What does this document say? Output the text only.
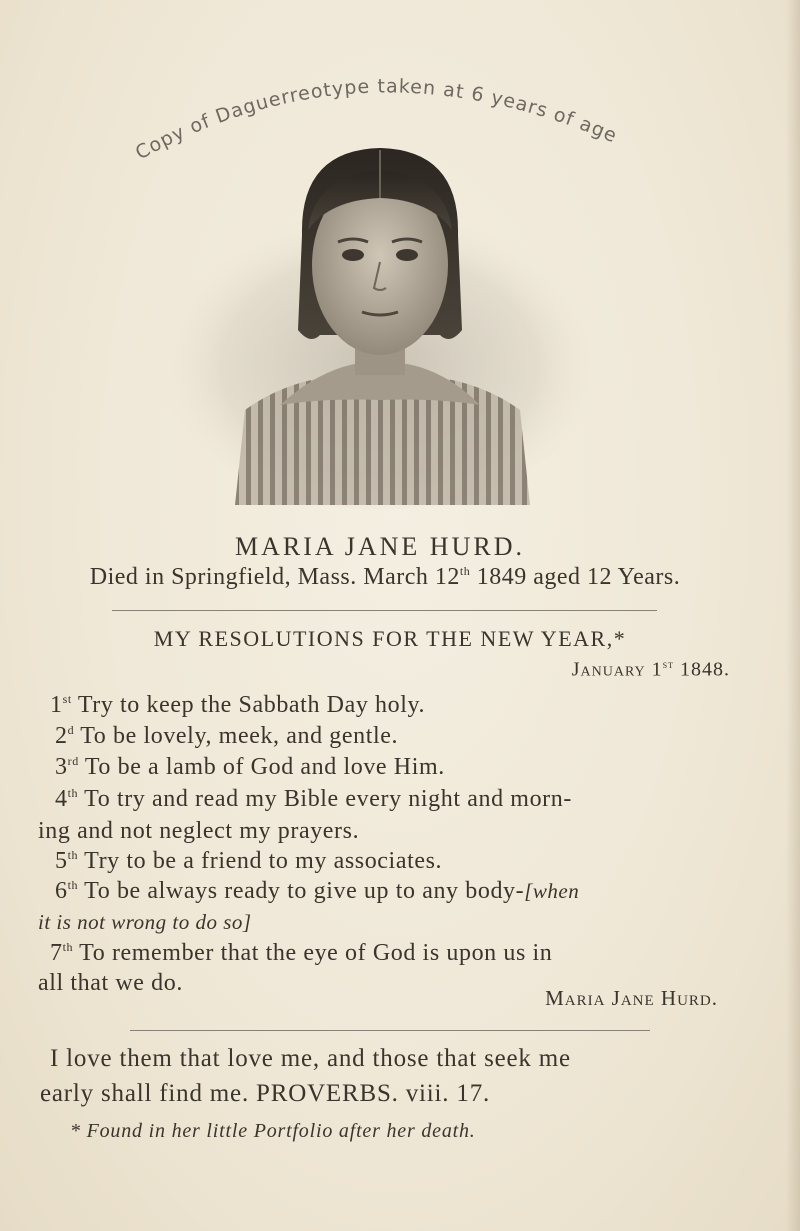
Copy of Daguerreotype taken at 6 years of age
MARIA JANE HURD.
Died in Springfield, Mass. March 12th 1849 aged 12 Years.
MY RESOLUTIONS FOR THE NEW YEAR,*
January 1st 1848.
1st Try to keep the Sabbath Day holy.
2$^d$ To be lovely, meek, and gentle.
3rd To be a lamb of God and love Him.
4th To try and read my Bible every night and morn-
ing and not neglect my prayers.
5th Try to be a friend to my associates.
6th To be always ready to give up to any body-[when
it is not wrong to do so]
7th To remember that the eye of God is upon us in
all that we do.
Maria Jane Hurd.
I love them that love me, and those that seek me
early shall find me. PROVERBS. viii. 17.
* Found in her little Portfolio after her death.
